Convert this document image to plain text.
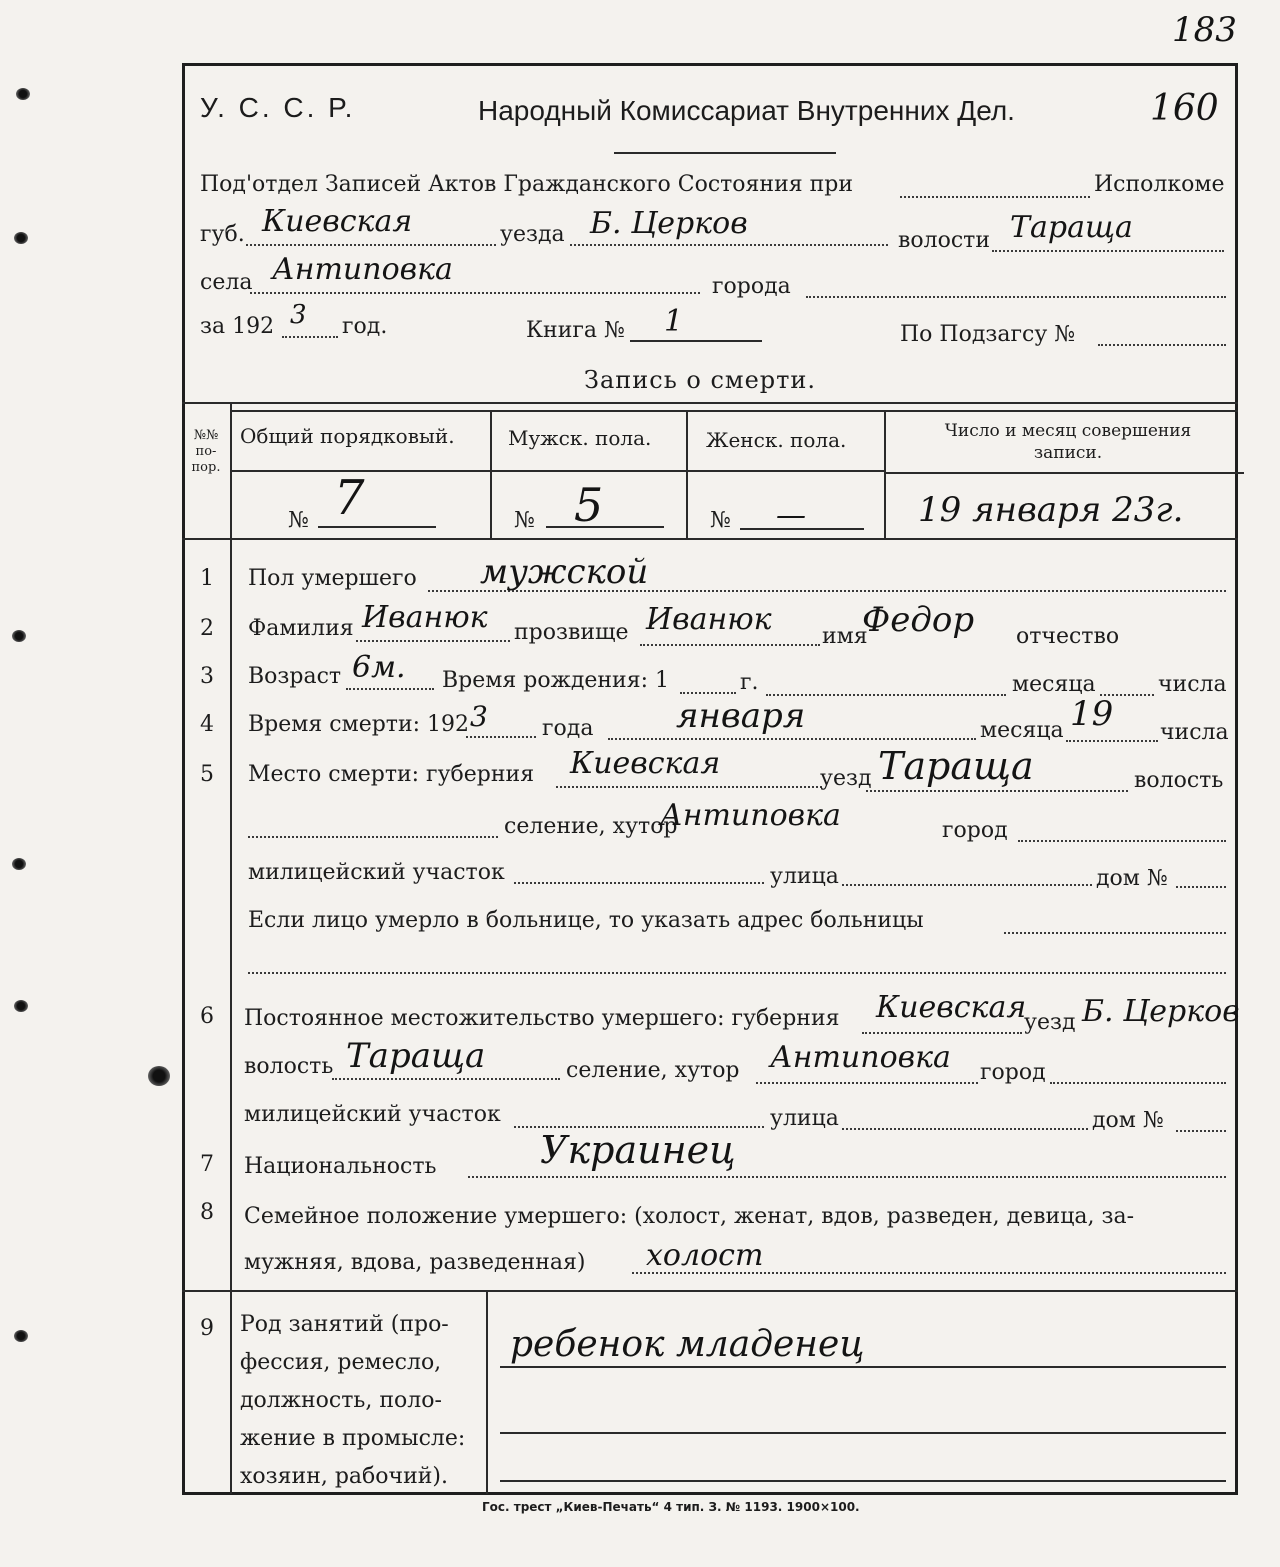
183
У. С. С. Р.	Народный Комиссариат Внутренних Дел.	160
Под'отдел Записей Актов Гражданского Состояния при	Исполкоме
губ. Киевская	уезда Б. Церков	волости Тараща
села Антиповка	города
за 192 3 год.	Книга № 1	По Подзагсу №
Запись о смерти.
№№ по-пор.
Общий порядковый.	Мужск. пола.	Женск. пола.	Число и месяц совершения записи.
№ 7	№ 5	№ —	19 января 23г.
1	Пол умершего мужской
2	Фамилия Иванюк прозвище Иванюк имя
Федор отчество
3	Возраст 6м. Время рождения: 1	г.	месяца	числа
4	Время смерти: 192 3 года января	месяца 19 числа
5	Место смерти: губерния Киевская	уезд Тараща	волость
селение, хутор
Антиповка	город
милицейский участок	улица	дом №
Если лицо умерло в больнице, то указать адрес больницы
6	Постоянное местожительство умершего: губерния Киевская
уезд Б. Церков
волость Тараща	селение, хутор Антиповка город
милицейский участок	улица	дом №
7	Национальность	Украинец
8	Семейное положение умершего: (холост, женат, вдов, разведен, девица, за-
мужняя, вдова, разведенная) холост
9	Род занятий (про-
фессия, ремесло,
должность, поло-
жение в промысле:
хозяин, рабочий).
ребенок младенец
Гос. трест „Киев-Печать“ 4 тип. З. № 1193. 1900×100.
